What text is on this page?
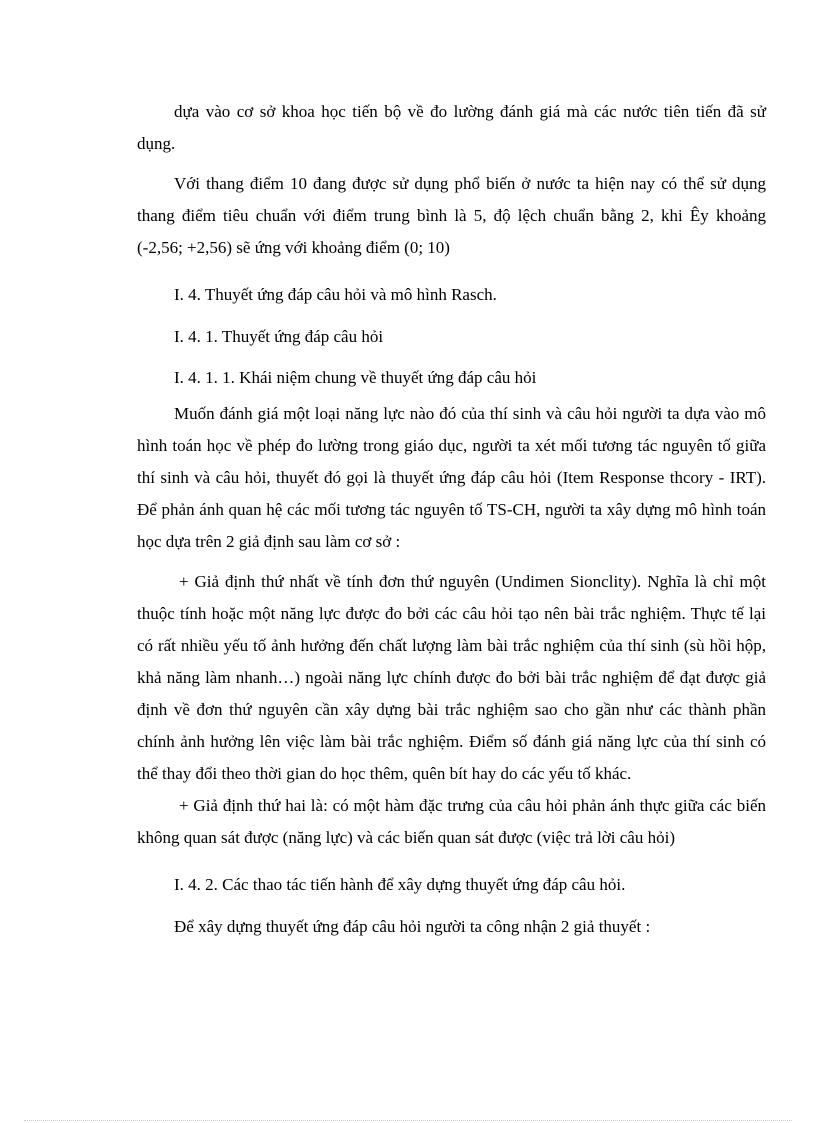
dựa vào cơ sở khoa học tiến bộ về đo lường đánh giá mà các nước tiên tiến đã sử dụng.

Với thang điểm 10 đang được sử dụng phổ biến ở nước ta hiện nay có thể sử dụng thang điểm tiêu chuẩn với điểm trung bình là 5, độ lệch chuẩn bằng 2, khi Êy khoảng (-2,56; +2,56) sẽ ứng với khoảng điểm (0; 10)

I. 4. Thuyết ứng đáp câu hỏi và mô hình Rasch.

I. 4. 1. Thuyết ứng đáp câu hỏi

I. 4. 1. 1. Khái niệm chung về thuyết ứng đáp câu hỏi

Muốn đánh giá một loại năng lực nào đó của thí sinh và câu hỏi người ta dựa vào mô hình toán học về phép đo lường trong giáo dục, người ta xét mối tương tác nguyên tố giữa thí sinh và câu hỏi, thuyết đó gọi là thuyết ứng đáp câu hỏi (Item Response thcory - IRT). Để phản ánh quan hệ các mối tương tác nguyên tố TS-CH, người ta xây dựng mô hình toán học dựa trên 2 giả định sau làm cơ sở :

+ Giả định thứ nhất về tính đơn thứ nguyên (Undimen Sionclity). Nghĩa là chỉ một thuộc tính hoặc một năng lực được đo bởi các câu hỏi tạo nên bài trắc nghiệm. Thực tế lại có rất nhiều yếu tố ảnh hưởng đến chất lượng làm bài trắc nghiệm của thí sinh (sù hồi hộp, khả năng làm nhanh…) ngoài năng lực chính được đo bởi bài trắc nghiệm để đạt được giả định về đơn thứ nguyên cần xây dựng bài trắc nghiệm sao cho gần như các thành phần chính ảnh hưởng lên việc làm bài trắc nghiệm. Điểm số đánh giá năng lực của thí sinh có thể thay đổi theo thời gian do học thêm, quên bít hay do các yếu tố khác.

+ Giả định thứ hai là: có một hàm đặc trưng của câu hỏi phản ánh thực giữa các biến không quan sát được (năng lực) và các biến quan sát được (việc trả lời câu hỏi)

I. 4. 2. Các thao tác tiến hành để xây dựng thuyết ứng đáp câu hỏi.

Để xây dựng thuyết ứng đáp câu hỏi người ta công nhận 2 giả thuyết :
